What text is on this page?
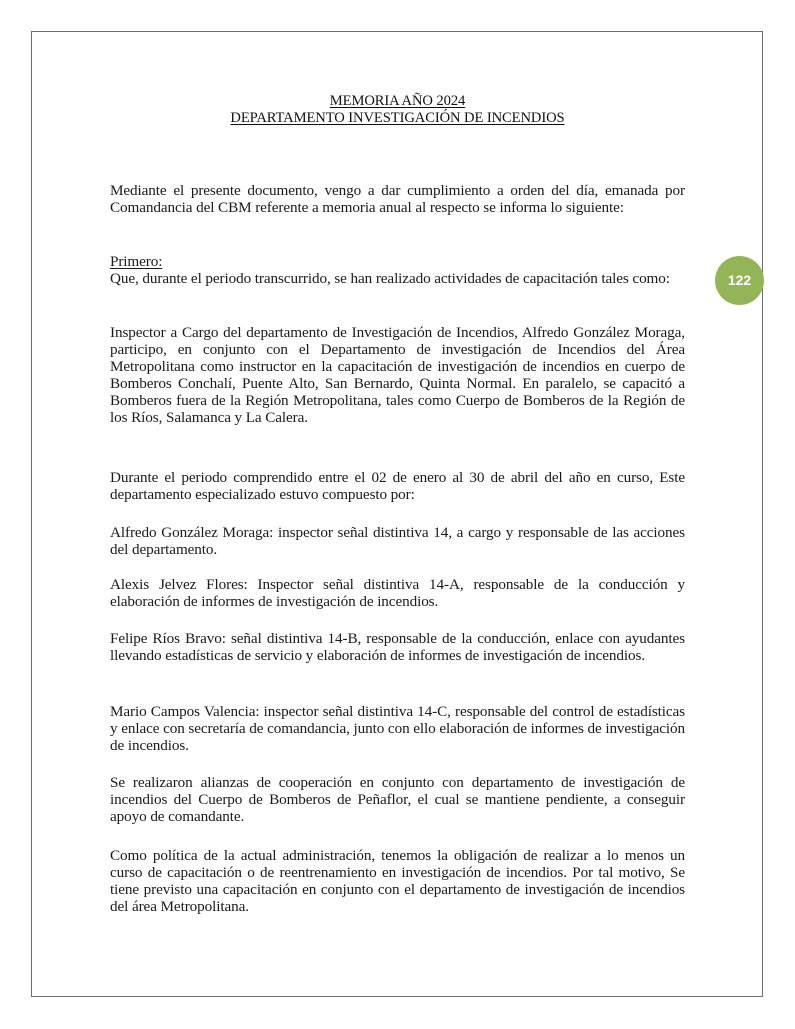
122
MEMORIA AÑO 2024
DEPARTAMENTO INVESTIGACIÓN DE INCENDIOS

Mediante el presente documento, vengo a dar cumplimiento a orden del día, emanada por Comandancia del CBM referente a memoria anual al respecto se informa lo siguiente:

Primero:

Que, durante el periodo transcurrido, se han realizado actividades de capacitación tales como:

Inspector a Cargo del departamento de Investigación de Incendios, Alfredo González Moraga, participo, en conjunto con el Departamento de investigación de Incendios del Área Metropolitana como instructor en la capacitación de investigación de incendios en cuerpo de Bomberos Conchalí, Puente Alto, San Bernardo, Quinta Normal. En paralelo, se capacitó a Bomberos fuera de la Región Metropolitana, tales como Cuerpo de Bomberos de la Región de los Ríos, Salamanca y La Calera.

Durante el periodo comprendido entre el 02 de enero al 30 de abril del año en curso, Este departamento especializado estuvo compuesto por:

Alfredo González Moraga: inspector señal distintiva 14, a cargo y responsable de las acciones del departamento.

Alexis Jelvez Flores: Inspector señal distintiva 14-A, responsable de la conducción y elaboración de informes de investigación de incendios.

Felipe Ríos Bravo: señal distintiva 14-B, responsable de la conducción, enlace con ayudantes llevando estadísticas de servicio y elaboración de informes de investigación de incendios.

Mario Campos Valencia: inspector señal distintiva 14-C, responsable del control de estadísticas y enlace con secretaría de comandancia, junto con ello elaboración de informes de investigación de incendios.

Se realizaron alianzas de cooperación en conjunto con departamento de investigación de incendios del Cuerpo de Bomberos de Peñaflor, el cual se mantiene pendiente, a conseguir apoyo de comandante.

Como política de la actual administración, tenemos la obligación de realizar a lo menos un curso de capacitación o de reentrenamiento en investigación de incendios. Por tal motivo, Se tiene previsto una capacitación en conjunto con el departamento de investigación de incendios del área Metropolitana.
